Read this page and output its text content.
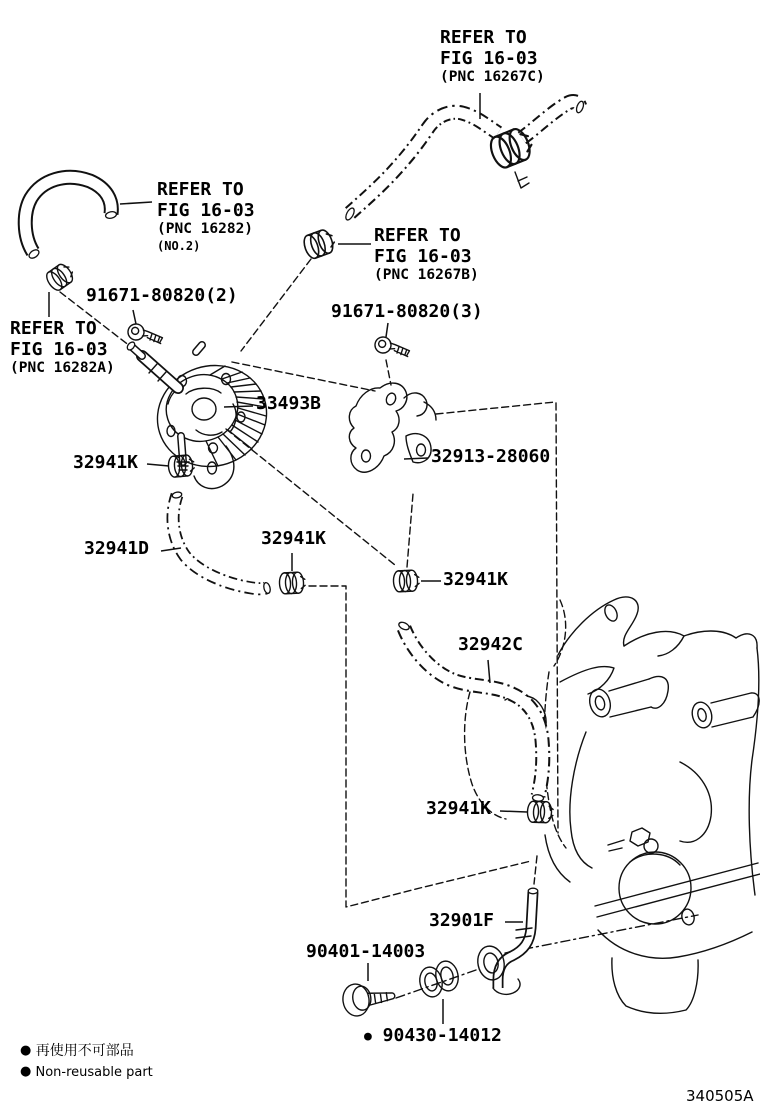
REFER TO
FIG 16-03
(PNC 16267C)
REFER TO
FIG 16-03
(PNC 16282)
(NO.2)	REFER TO
FIG 16-03
(PNC 16267B)
REFER TO
FIG 16-03
(PNC 16282A)
91671-80820(2)
91671-80820(3)
33493B
32913-28060
32941K
32941D	32941K
32941K
32942C
32941K
32901F
90401-14003
● 90430-14012
● 再使用不可部品
● Non-reusable part
340505A
